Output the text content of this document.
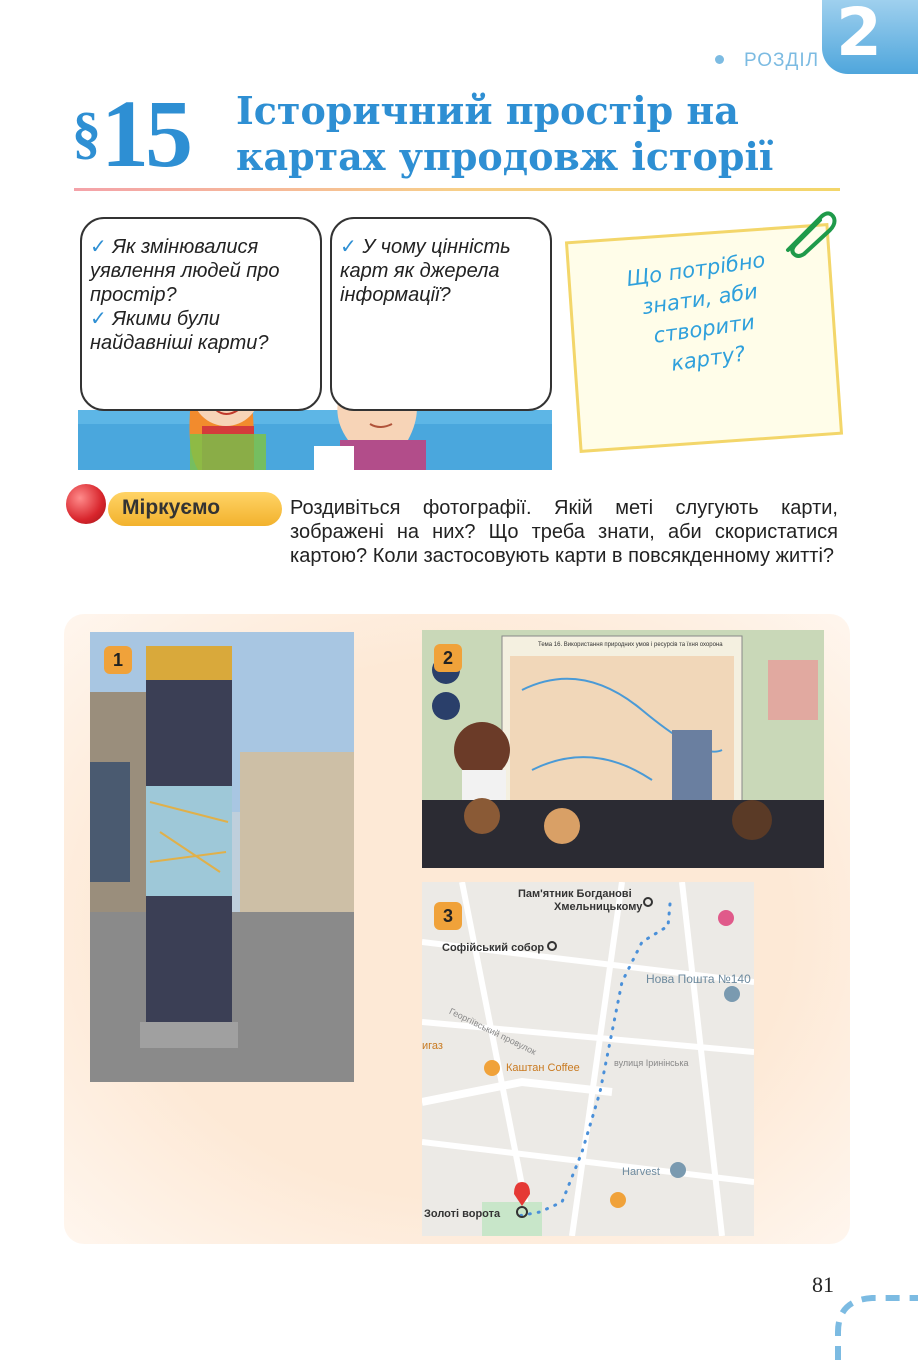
2
РОЗДІЛ
§15 Історичний простір на
картах упродовж історії
✓ Як змінювалися уявлення людей про простір?
✓ Якими були найдавніші карти?
✓ У чому цінність карт як джерела інформації?
Що потрібно
знати, аби
створити
карту?
Міркуємо	Роздивіться фотографії. Якій меті слугують карти, зображені на них? Що треба знати, аби скористатися картою? Коли застосовують карти в повсякденному житті?
1
Тема 16. Використання природних умов і ресурсів та їхня охорона
2
3
Пам'ятник Богданові
Хмельницькому
Софійський собор
Нова Пошта №140
Георгіївський провулок
игаз
Каштан Coffee	вулиця Іринінська
Harvest
Золоті ворота
81
